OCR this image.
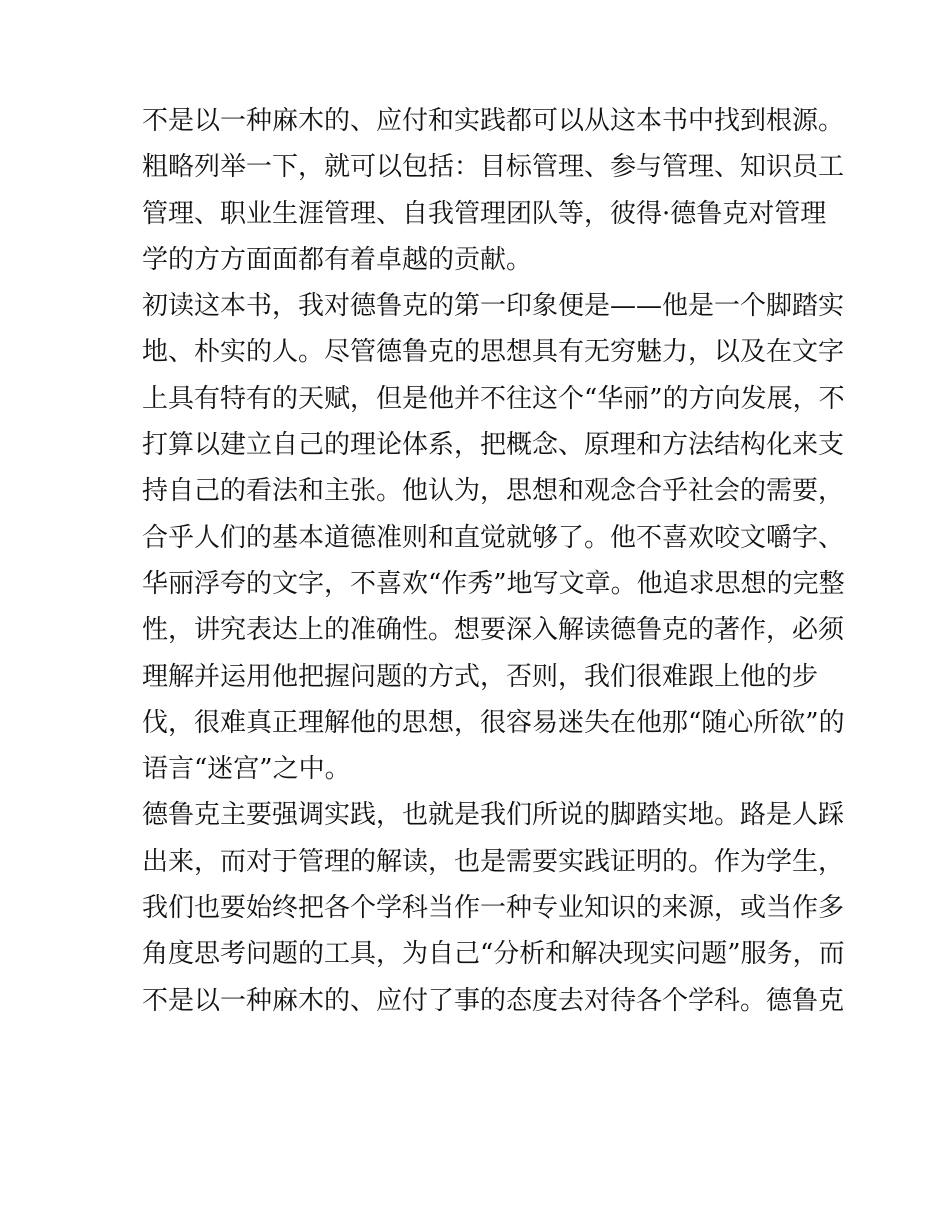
不是以一种麻木的、应付和实践都可以从这本书中找到根源。
粗略列举一下，就可以包括：目标管理、参与管理、知识员工
管理、职业生涯管理、自我管理团队等，彼得·德鲁克对管理
学的方方面面都有着卓越的贡献。
初读这本书，我对德鲁克的第一印象便是——他是一个脚踏实
地、朴实的人。尽管德鲁克的思想具有无穷魅力，以及在文字
上具有特有的天赋，但是他并不往这个“华丽”的方向发展，不
打算以建立自己的理论体系，把概念、原理和方法结构化来支
持自己的看法和主张。他认为，思想和观念合乎社会的需要，
合乎人们的基本道德准则和直觉就够了。他不喜欢咬文嚼字、
华丽浮夸的文字，不喜欢“作秀”地写文章。他追求思想的完整
性，讲究表达上的准确性。想要深入解读德鲁克的著作，必须
理解并运用他把握问题的方式，否则，我们很难跟上他的步
伐，很难真正理解他的思想，很容易迷失在他那“随心所欲”的
语言“迷宫”之中。
德鲁克主要强调实践，也就是我们所说的脚踏实地。路是人踩
出来，而对于管理的解读，也是需要实践证明的。作为学生，
我们也要始终把各个学科当作一种专业知识的来源，或当作多
角度思考问题的工具，为自己“分析和解决现实问题”服务，而
不是以一种麻木的、应付了事的态度去对待各个学科。德鲁克
